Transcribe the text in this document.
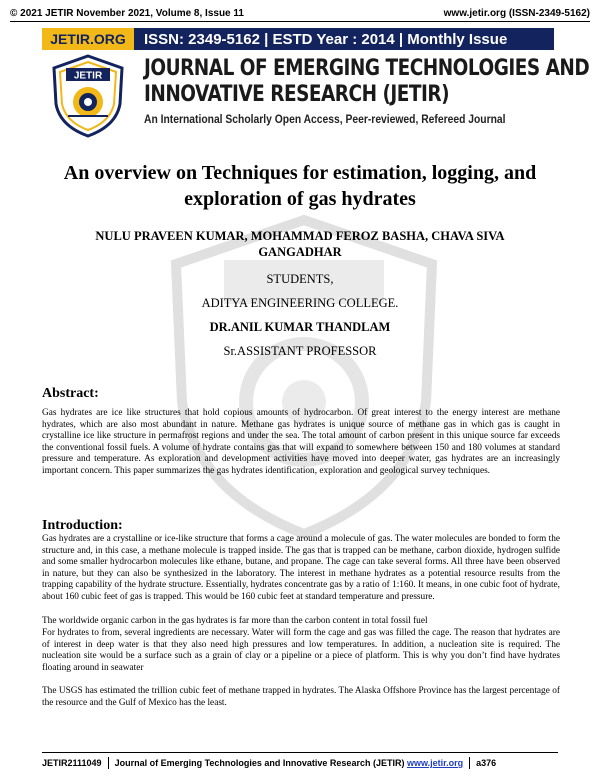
© 2021 JETIR November 2021, Volume 8, Issue 11	www.jetir.org (ISSN-2349-5162)
JETIR.ORG	ISSN: 2349-5162 | ESTD Year : 2014 | Monthly Issue
JETIR JOURNAL OF EMERGING TECHNOLOGIES AND
INNOVATIVE RESEARCH (JETIR)
An International Scholarly Open Access, Peer-reviewed, Refereed Journal
An overview on Techniques for estimation, logging, and
exploration of gas hydrates
NULU PRAVEEN KUMAR, MOHAMMAD FEROZ BASHA, CHAVA SIVA
GANGADHAR
STUDENTS,
ADITYA ENGINEERING COLLEGE.
DR.ANIL KUMAR THANDLAM
Sr.ASSISTANT PROFESSOR
Abstract:

Gas hydrates are ice like structures that hold copious amounts of hydrocarbon. Of great interest to the energy interest are methane hydrates, which are also most abundant in nature. Methane gas hydrates is unique source of methane gas in which gas is caught in crystalline ice like structure in permafrost regions and under the sea. The total amount of carbon present in this unique source far exceeds the conventional fossil fuels. A volume of hydrate contains gas that will expand to somewhere between 150 and 180 volumes at standard pressure and temperature. As exploration and development activities have moved into deeper water, gas hydrates are an increasingly important concern. This paper summarizes the gas hydrates identification, exploration and geological survey techniques.

Introduction:

Gas hydrates are a crystalline or ice-like structure that forms a cage around a molecule of gas. The water molecules are bonded to form the structure and, in this case, a methane molecule is trapped inside. The gas that is trapped can be methane, carbon dioxide, hydrogen sulfide and some smaller hydrocarbon molecules like ethane, butane, and propane. The cage can take several forms. All three have been observed in nature, but they can also be synthesized in the laboratory. The interest in methane hydrates as a potential resource results from the trapping capability of the hydrate structure. Essentially, hydrates concentrate gas by a ratio of 1:160. It means, in one cubic foot of hydrate, about 160 cubic feet of gas is trapped. This would be 160 cubic feet at standard temperature and pressure.

The worldwide organic carbon in the gas hydrates is far more than the carbon content in total fossil fuel

For hydrates to from, several ingredients are necessary. Water will form the cage and gas was filled the cage. The reason that hydrates are of interest in deep water is that they also need high pressures and low temperatures. In addition, a nucleation site is required. The nucleation site would be a surface such as a grain of clay or a pipeline or a piece of platform. This is why you don’t find have hydrates floating around in seawater

The USGS has estimated the trillion cubic feet of methane trapped in hydrates. The Alaska Offshore Province has the largest percentage of the resource and the Gulf of Mexico has the least.

JETIR2111049 Journal of Emerging Technologies and Innovative Research (JETIR)
www.jetir.org a376
